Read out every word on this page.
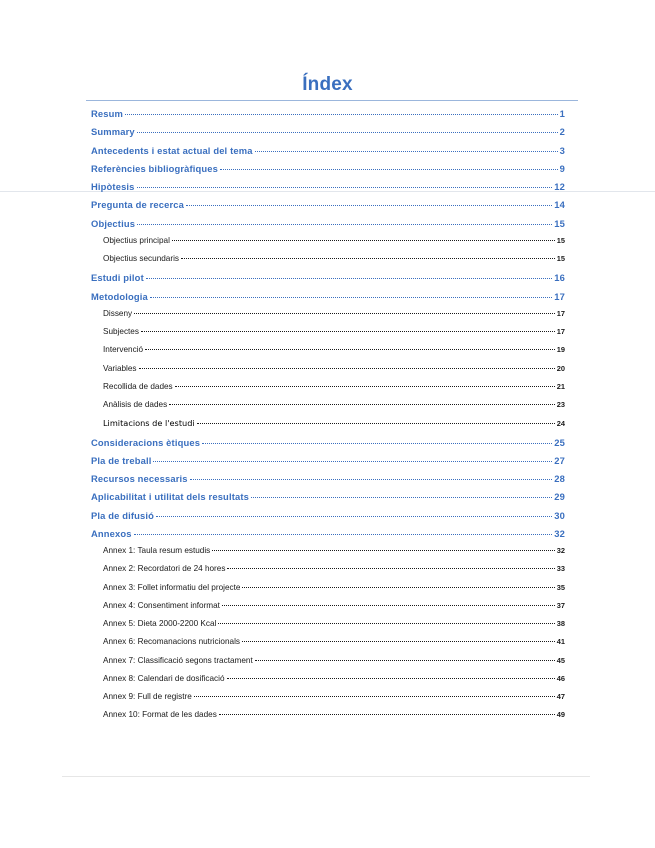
Índex
Resum	1
Summary	2
Antecedents i estat actual del tema	3
Referències bibliogràfiques	9
Hipòtesis	12
Pregunta de recerca	14
Objectius	15
Objectius principal	15
Objectius secundaris	15
Estudi pilot	16
Metodologia	17
Disseny	17
Subjectes	17
Intervenció	19
Variables	20
Recollida de dades	21
Anàlisis de dades	23
Limitacions de l'estudi	24
Consideracions ètiques	25
Pla de treball	27
Recursos necessaris	28
Aplicabilitat i utilitat dels resultats	29
Pla de difusió	30
Annexos	32
Annex 1: Taula resum estudis	32
Annex 2: Recordatori de 24 hores	33
Annex 3: Follet informatiu del projecte	35
Annex 4: Consentiment informat	37
Annex 5: Dieta 2000-2200 Kcal	38
Annex 6: Recomanacions nutricionals	41
Annex 7: Classificació segons tractament	45
Annex 8: Calendari de dosificació	46
Annex 9: Full de registre	47
Annex 10: Format de les dades	49
